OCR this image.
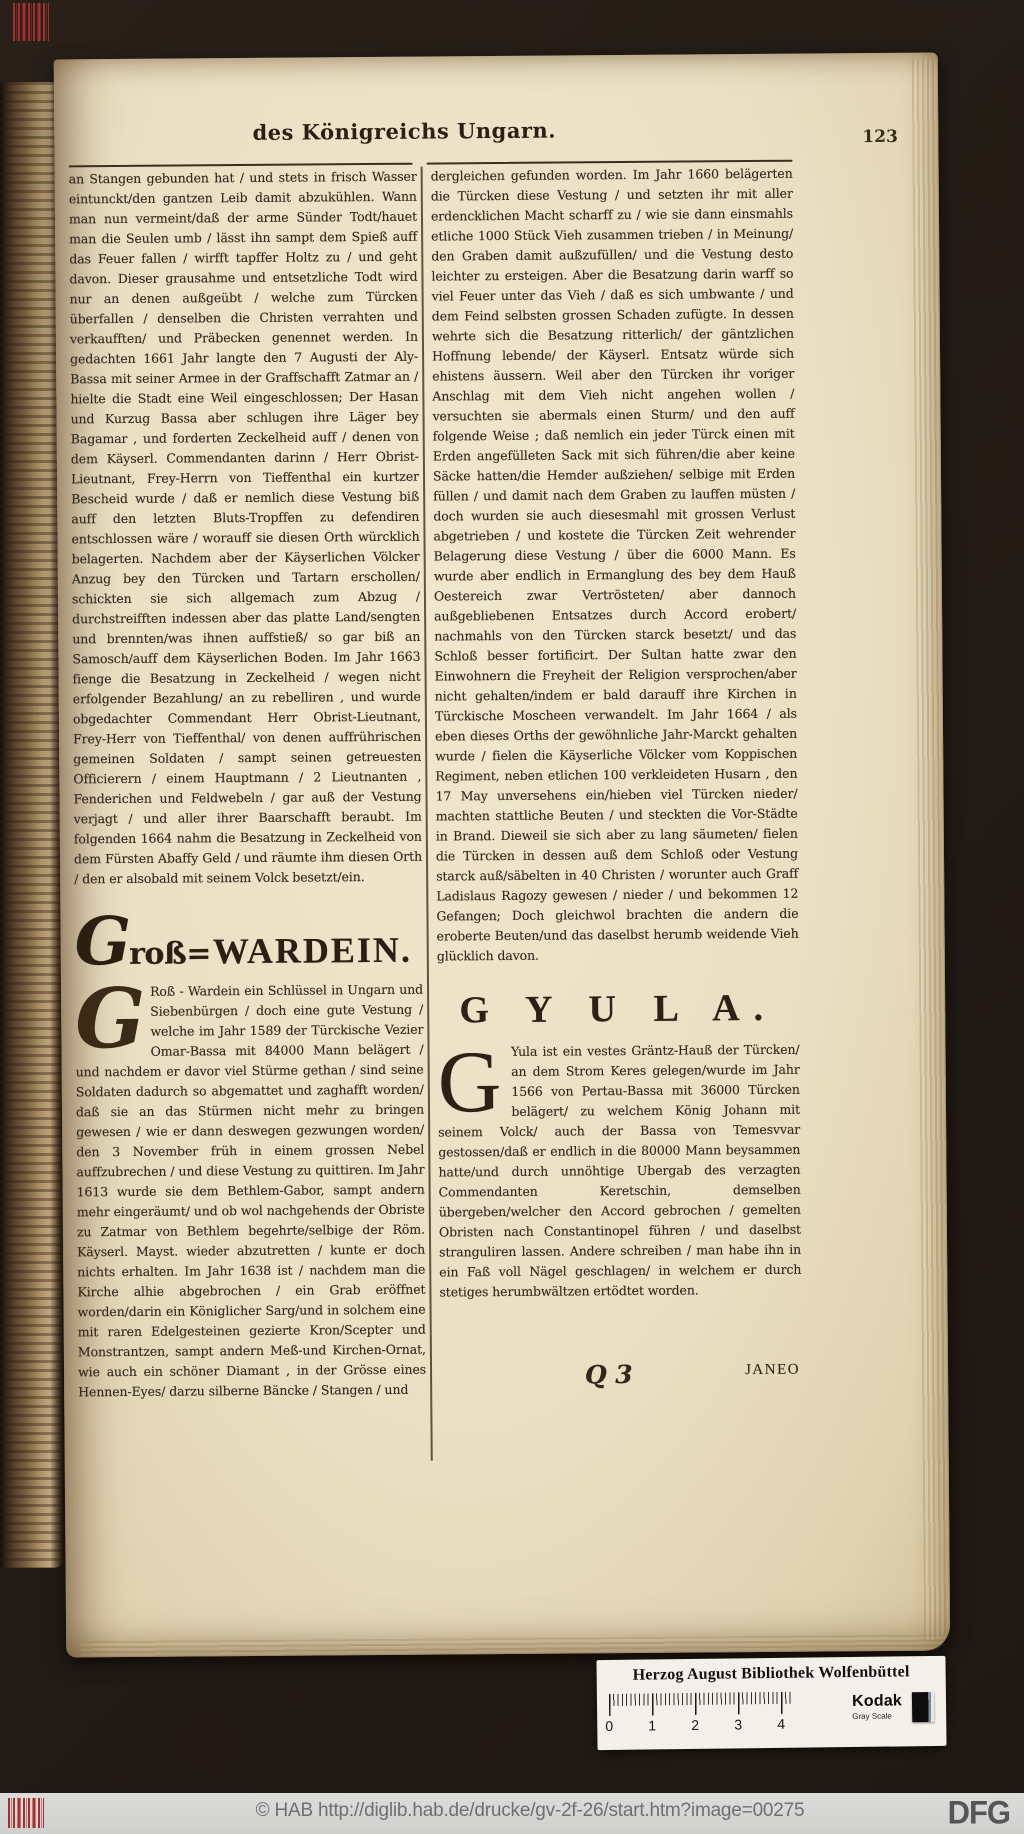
des Königreichs Ungarn.	123

an Stangen gebunden hat / und stets in frisch Wasser eintunckt/den gantzen Leib damit abzukühlen. Wann man nun vermeint/daß der arme Sünder Todt/hauet man die Seulen umb / lässt ihn sampt dem Spieß auff das Feuer fallen / wirfft tapffer Holtz zu / und geht davon. Dieser grausahme und entsetzliche Todt wird nur an denen außgeübt / welche zum Türcken überfallen / denselben die Christen verrahten und verkaufften/ und Präbecken genennet werden. In gedachten 1661 Jahr langte den 7 Augusti der Aly-Bassa mit seiner Armee in der Graffschafft Zatmar an / hielte die Stadt eine Weil eingeschlossen; Der Hasan und Kurzug Bassa aber schlugen ihre Läger bey Bagamar , und forderten Zeckelheid auff / denen von dem Käyserl. Commendanten darinn / Herr Obrist-Lieutnant, Frey-Herrn von Tieffenthal ein kurtzer Bescheid wurde / daß er nemlich diese Vestung biß auff den letzten Bluts-Tropffen zu defendiren entschlossen wäre / worauff sie diesen Orth würcklich belagerten. Nachdem aber der Käyserlichen Völcker Anzug bey den Türcken und Tartarn erschollen/ schickten sie sich allgemach zum Abzug / durchstreifften indessen aber das platte Land/sengten und brennten/was ihnen auffstieß/ so gar biß an Samosch/auff dem Käyserlichen Boden. Im Jahr 1663 fienge die Besatzung in Zeckelheid / wegen nicht erfolgender Bezahlung/ an zu rebelliren , und wurde obgedachter Commendant Herr Obrist-Lieutnant, Frey-Herr von Tieffenthal/ von denen auffrührischen gemeinen Soldaten / sampt seinen getreuesten Officierern / einem Hauptmann / 2 Lieutnanten , Fenderichen und Feldwebeln / gar auß der Vestung verjagt / und aller ihrer Baarschafft beraubt. Im folgenden 1664 nahm die Besatzung in Zeckelheid von dem Fürsten Abaffy Geld / und räumte ihm diesen Orth / den er alsobald mit seinem Volck besetzt/ein.

G roß= WARDEIN.

G Roß - Wardein ein Schlüssel in Ungarn und Siebenbürgen / doch eine gute Vestung / welche im Jahr 1589 der Türckische Vezier Omar-Bassa mit 84000 Mann belägert / und nachdem er davor viel Stürme gethan / sind seine Soldaten dadurch so abgemattet und zaghafft worden/ daß sie an das Stürmen nicht mehr zu bringen gewesen / wie er dann deswegen gezwungen worden/ den 3 November früh in einem grossen Nebel auffzubrechen / und diese Vestung zu quittiren. Im Jahr 1613 wurde sie dem Bethlem-Gabor, sampt andern mehr eingeräumt/ und ob wol nachgehends der Obriste zu Zatmar von Bethlem begehrte/selbige der Röm. Käyserl. Mayst. wieder abzutretten / kunte er doch nichts erhalten. Im Jahr 1638 ist / nachdem man die Kirche alhie abgebrochen / ein Grab eröffnet worden/darin ein Königlicher Sarg/und in solchem eine mit raren Edelgesteinen gezierte Kron/Scepter und Monstrantzen, sampt andern Meß-und Kirchen-Ornat, wie auch ein schöner Diamant , in der Grösse eines Hennen-Eyes/ darzu silberne Bäncke / Stangen / und

dergleichen gefunden worden. Im Jahr 1660 belägerten die Türcken diese Vestung / und setzten ihr mit aller erdencklichen Macht scharff zu / wie sie dann einsmahls etliche 1000 Stück Vieh zusammen trieben / in Meinung/ den Graben damit außzufüllen/ und die Vestung desto leichter zu ersteigen. Aber die Besatzung darin warff so viel Feuer unter das Vieh / daß es sich umbwante / und dem Feind selbsten grossen Schaden zufügte. In dessen wehrte sich die Besatzung ritterlich/ der gäntzlichen Hoffnung lebende/ der Käyserl. Entsatz würde sich ehistens äussern. Weil aber den Türcken ihr voriger Anschlag mit dem Vieh nicht angehen wollen / versuchten sie abermals einen Sturm/ und den auff folgende Weise ; daß nemlich ein jeder Türck einen mit Erden angefülleten Sack mit sich führen/die aber keine Säcke hatten/die Hemder außziehen/ selbige mit Erden füllen / und damit nach dem Graben zu lauffen müsten / doch wurden sie auch diesesmahl mit grossen Verlust abgetrieben / und kostete die Türcken Zeit wehrender Belagerung diese Vestung / über die 6000 Mann. Es wurde aber endlich in Ermanglung des bey dem Hauß Oestereich zwar Vertrösteten/ aber dannoch außgebliebenen Entsatzes durch Accord erobert/ nachmahls von den Türcken starck besetzt/ und das Schloß besser fortificirt. Der Sultan hatte zwar den Einwohnern die Freyheit der Religion versprochen/aber nicht gehalten/indem er bald darauff ihre Kirchen in Türckische Moscheen verwandelt. Im Jahr 1664 / als eben dieses Orths der gewöhnliche Jahr-Marckt gehalten wurde / fielen die Käyserliche Völcker vom Koppischen Regiment, neben etlichen 100 verkleideten Husarn , den 17 May unversehens ein/hieben viel Türcken nieder/ machten stattliche Beuten / und steckten die Vor-Städte in Brand. Dieweil sie sich aber zu lang säumeten/ fielen die Türcken in dessen auß dem Schloß oder Vestung starck auß/säbelten in 40 Christen / worunter auch Graff Ladislaus Ragozy gewesen / nieder / und bekommen 12 Gefangen; Doch gleichwol brachten die andern die eroberte Beuten/und das daselbst herumb weidende Vieh glücklich davon.

G Y U L A.

G Yula ist ein vestes Gräntz-Hauß der Türcken/ an dem Strom Keres gelegen/wurde im Jahr 1566 von Pertau-Bassa mit 36000 Türcken belägert/ zu welchem König Johann mit seinem Volck/ auch der Bassa von Temesvvar gestossen/daß er endlich in die 80000 Mann beysammen hatte/und durch unnöhtige Ubergab des verzagten Commendanten Keretschin, demselben übergeben/welcher den Accord gebrochen / gemelten Obristen nach Constantinopel führen / und daselbst stranguliren lassen. Andere schreiben / man habe ihn in ein Faß voll Nägel geschlagen/ in welchem er durch stetiges herumbwältzen ertödtet worden.

Q 3	JANEO
Herzog August Bibliothek Wolfenbüttel
0	1	2	3	4
Kodak
Gray Scale
© HAB http://diglib.hab.de/drucke/gv-2f-26/start.htm?image=00275	DFG
